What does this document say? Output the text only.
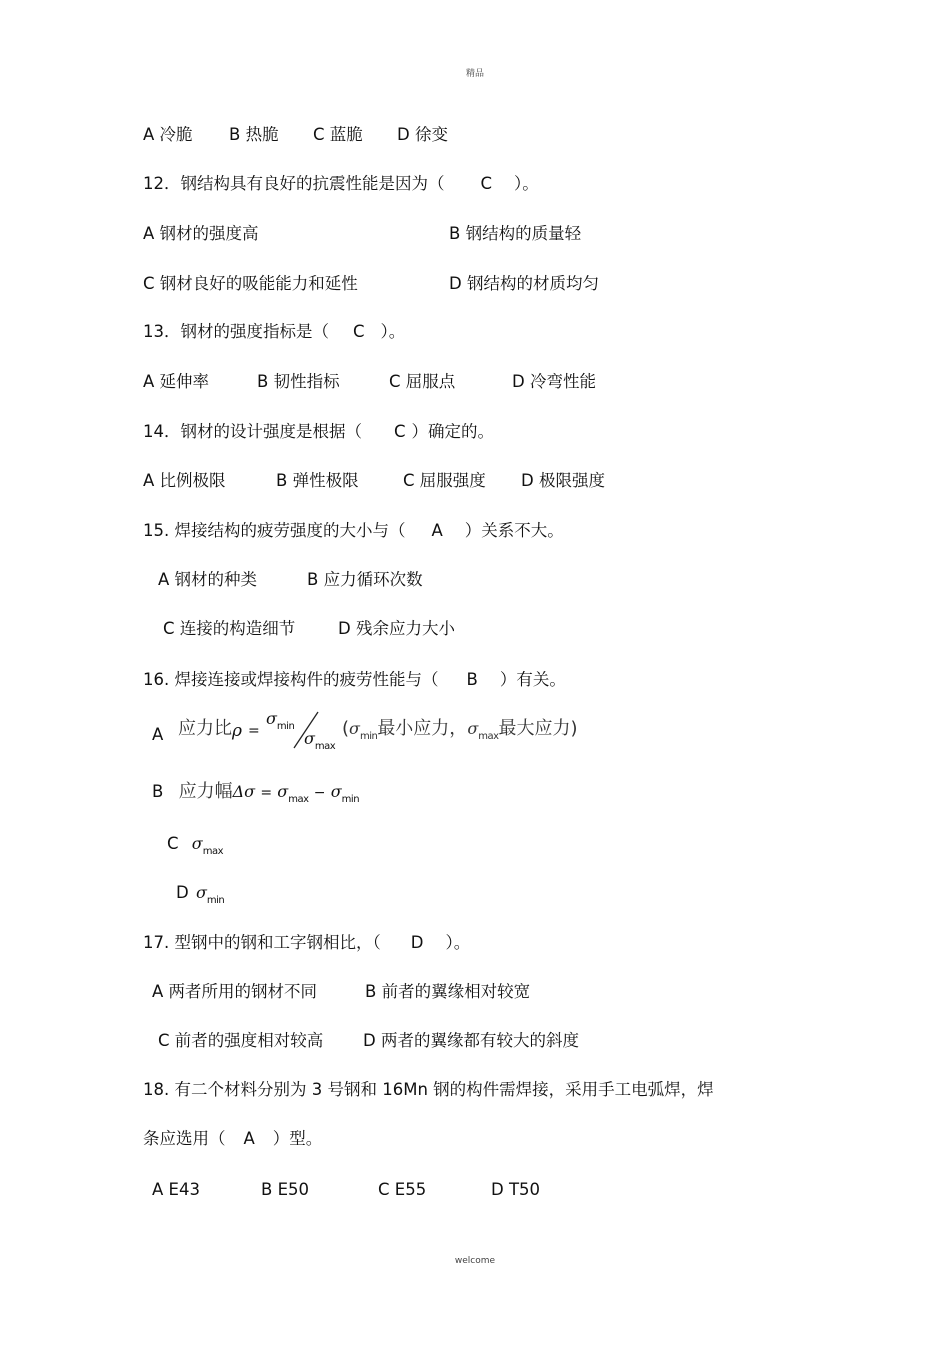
精品
A 冷脆 B 热脆 C 蓝脆 D 徐变
12．钢结构具有良好的抗震性能是因为（ C ）。
A 钢材的强度高	B 钢结构的质量轻
C 钢材良好的吸能能力和延性	D 钢结构的材质均匀
13．钢材的强度指标是（ C ）。
A 延伸率	B 韧性指标	C 屈服点	D 冷弯性能
14．钢材的设计强度是根据（ C ）确定的。
A 比例极限	B 弹性极限	C 屈服强度 D 极限强度
15. 焊接结构的疲劳强度的大小与（ A ）关系不大。
A 钢材的种类	B 应力循环次数
C 连接的构造细节	D 残余应力大小
16. 焊接连接或焊接构件的疲劳性能与（ B ）有关。
A 应力比 ρ =
$\sigma_{min}$
$\sigma_{max}$
($\sigma_{min}$最小应力，$\sigma_{max}$最大应力)
B 应力幅$\Delta\sigma = \sigma_{max} - \sigma_{min}$
C $\sigma_{max}$
D $\sigma_{min}$
17. 型钢中的钢和工字钢相比，（ D ）。
A 两者所用的钢材不同	B 前者的翼缘相对较宽
C 前者的强度相对较高 D 两者的翼缘都有较大的斜度
18. 有二个材料分别为 3 号钢和 16Mn 钢的构件需焊接，采用手工电弧焊，焊
条应选用（ A ）型。
A E43	B E50	C E55	D T50
welcome
